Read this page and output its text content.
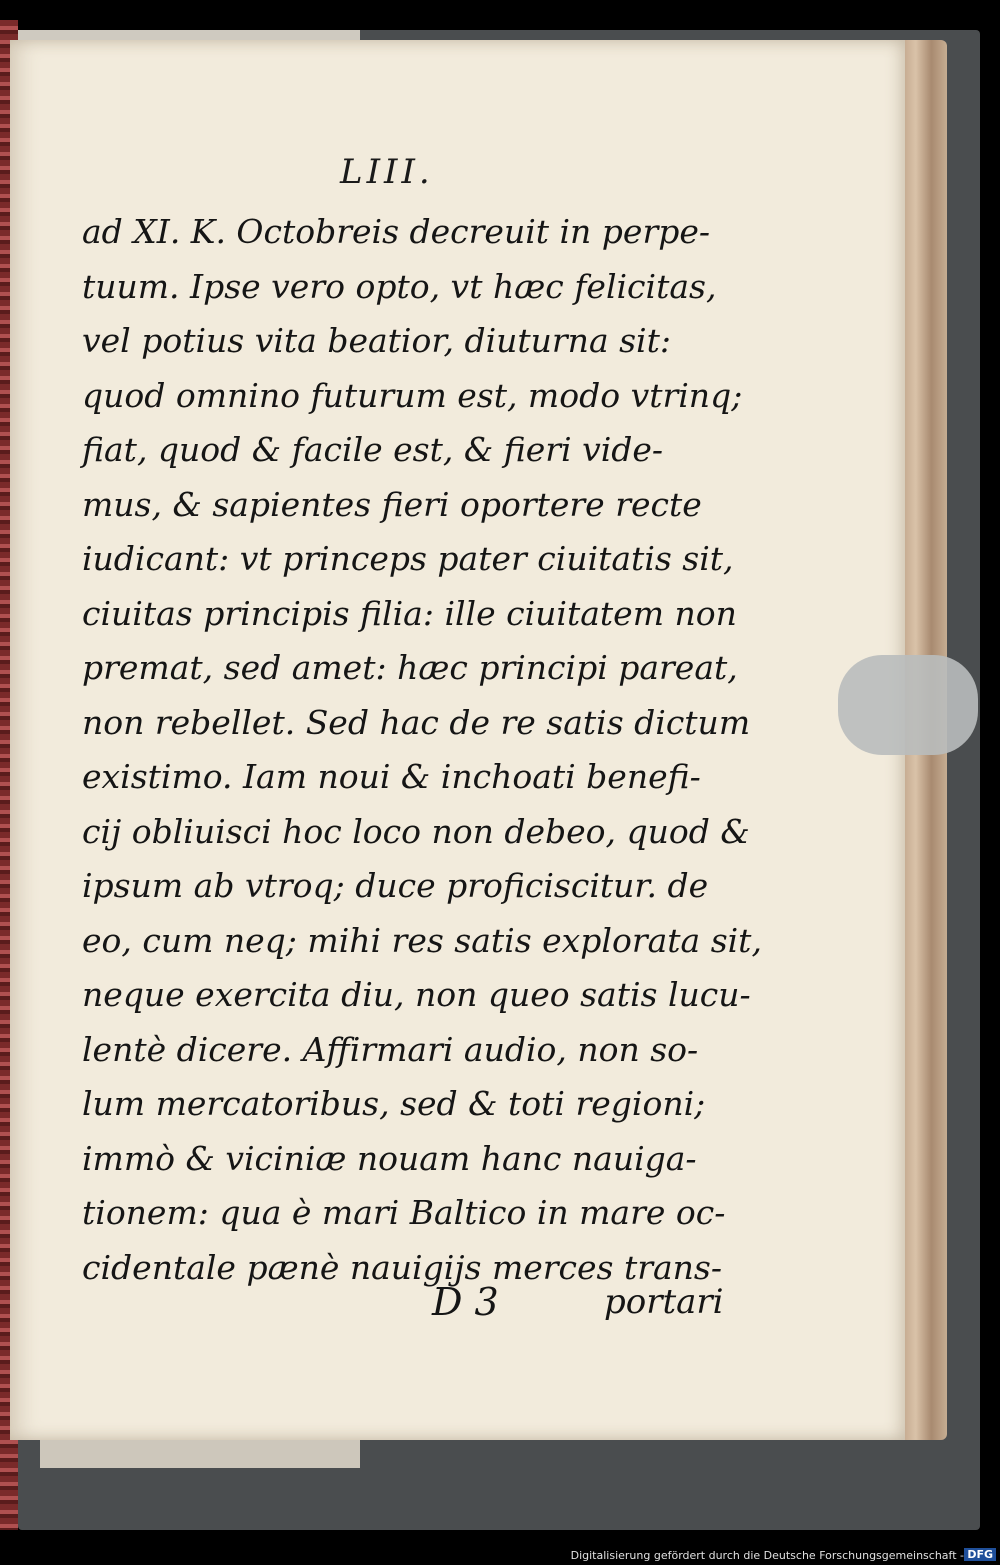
LIII.
ad XI. K. Octobreis decreuit in perpe-
tuum. Ipse vero opto, vt hæc felicitas,
vel potius vita beatior, diuturna sit:
quod omnino futurum est, modo vtrinq;
fiat, quod & facile est, & fieri vide-
mus, & sapientes fieri oportere recte
iudicant: vt princeps pater ciuitatis sit,
ciuitas principis filia: ille ciuitatem non
premat, sed amet: hæc principi pareat,
non rebellet. Sed hac de re satis dictum
existimo. Iam noui & inchoati benefi-
cij obliuisci hoc loco non debeo, quod &
ipsum ab vtroq; duce proficiscitur. de
eo, cum neq; mihi res satis explorata sit,
neque exercita diu, non queo satis lucu-
lentè dicere. Affirmari audio, non so-
lum mercatoribus, sed & toti regioni;
immò & viciniæ nouam hanc nauiga-
tionem: qua è mari Baltico in mare oc-
cidentale pænè nauigijs merces trans-
D 3	portari
Digitalisierung gefördert durch die Deutsche Forschungsgemeinschaft - DFG
